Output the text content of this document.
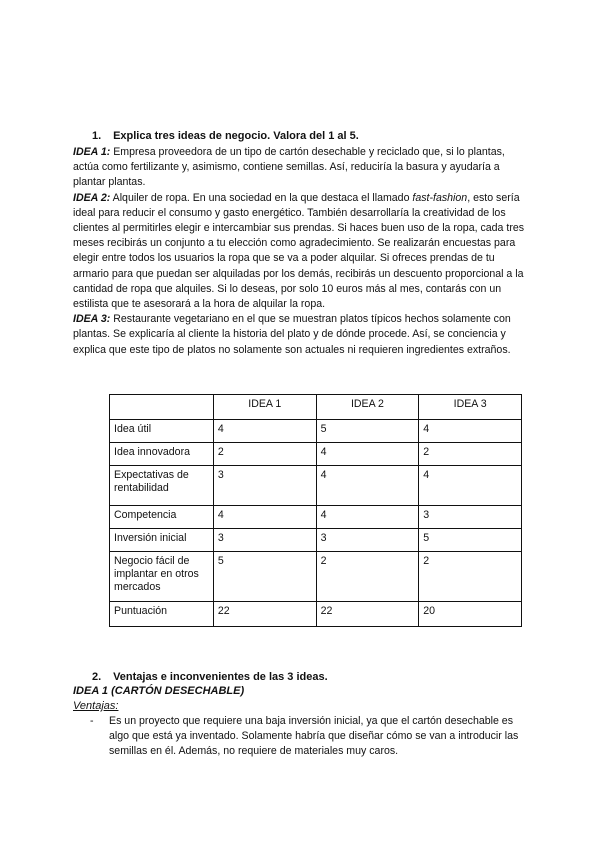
1. Explica tres ideas de negocio. Valora del 1 al 5.

IDEA 1: Empresa proveedora de un tipo de cartón desechable y reciclado que, si lo plantas, actúa como fertilizante y, asimismo, contiene semillas. Así, reduciría la basura y ayudaría a plantar plantas.

IDEA 2: Alquiler de ropa. En una sociedad en la que destaca el llamado fast-fashion, esto sería ideal para reducir el consumo y gasto energético. También desarrollaría la creatividad de los clientes al permitirles elegir e intercambiar sus prendas. Si haces buen uso de la ropa, cada tres meses recibirás un conjunto a tu elección como agradecimiento. Se realizarán encuestas para elegir entre todos los usuarios la ropa que se va a poder alquilar. Si ofreces prendas de tu armario para que puedan ser alquiladas por los demás, recibirás un descuento proporcional a la cantidad de ropa que alquiles. Si lo deseas, por solo 10 euros más al mes, contarás con un estilista que te asesorará a la hora de alquilar la ropa.

IDEA 3: Restaurante vegetariano en el que se muestran platos típicos hechos solamente con plantas. Se explicaría al cliente la historia del plato y de dónde procede. Así, se conciencia y explica que este tipo de platos no solamente son actuales ni requieren ingredientes extraños.

	IDEA 1	IDEA 2	IDEA 3
Idea útil	4	5	4
Idea innovadora	2	4	2
Expectativas de rentabilidad	3	4	4
Competencia	4	4	3
Inversión inicial	3	3	5
Negocio fácil de implantar en otros mercados	5	2	2
Puntuación	22	22	20
2. Ventajas e inconvenientes de las 3 ideas.
IDEA 1 (CARTÓN DESECHABLE)
Ventajas:
- Es un proyecto que requiere una baja inversión inicial, ya que el cartón desechable es algo que está ya inventado. Solamente habría que diseñar cómo se van a introducir las semillas en él. Además, no requiere de materiales muy caros.
